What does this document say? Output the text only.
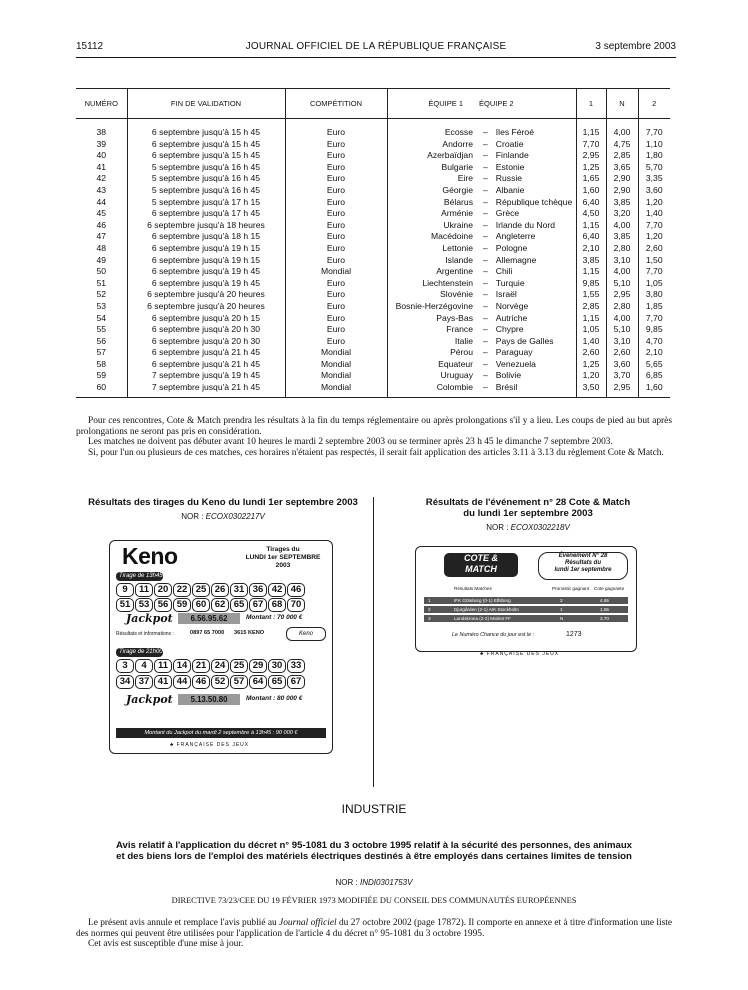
15112	JOURNAL OFFICIEL DE LA RÉPUBLIQUE FRANÇAISE	3 septembre 2003
NUMÉRO	FIN DE VALIDATION	COMPÉTITION	ÉQUIPE 1	ÉQUIPE 2	1	N	2

38	6 septembre jusqu'à 15 h 45	Euro	Ecosse	– Iles Féroé	1,15	4,00	7,70
39	6 septembre jusqu'à 15 h 45	Euro	Andorre	– Croatie	7,70	4,75	1,10
40	6 septembre jusqu'à 15 h 45	Euro	Azerbaïdjan	– Finlande	2,95	2,85	1,80
41	5 septembre jusqu'à 16 h 45	Euro	Bulgarie	– Estonie	1,25	3,65	5,70
42	5 septembre jusqu'à 16 h 45	Euro	Eire	– Russie	1,65	2,90	3,35
43	5 septembre jusqu'à 16 h 45	Euro	Géorgie	– Albanie	1,60	2,90	3,60
44	5 septembre jusqu'à 17 h 15	Euro	Bélarus	– République tchèque	6,40	3,85	1,20
45	6 septembre jusqu'à 17 h 45	Euro	Arménie	– Grèce	4,50	3,20	1,40
46	6 septembre jusqu'à 18 heures	Euro	Ukraine	– Irlande du Nord	1,15	4,00	7,70
47	6 septembre jusqu'à 18 h 15	Euro	Macédoine	– Angleterre	6,40	3,85	1,20
48	6 septembre jusqu'à 19 h 15	Euro	Lettonie	– Pologne	2,10	2,80	2,60
49	6 septembre jusqu'à 19 h 15	Euro	Islande	– Allemagne	3,85	3,10	1,50
50	6 septembre jusqu'à 19 h 45	Mondial	Argentine	– Chili	1,15	4,00	7,70
51	6 septembre jusqu'à 19 h 45	Euro	Liechtenstein	– Turquie	9,85	5,10	1,05
52	6 septembre jusqu'à 20 heures	Euro	Slovénie	– Israël	1,55	2,95	3,80
53	6 septembre jusqu'à 20 heures	Euro	Bosnie-Herzégovine	– Norvège	2,85	2,80	1,85
54	6 septembre jusqu'à 20 h 15	Euro	Pays-Bas	– Autriche	1,15	4,00	7,70
55	6 septembre jusqu'à 20 h 30	Euro	France	– Chypre	1,05	5,10	9,85
56	6 septembre jusqu'à 20 h 30	Euro	Italie	– Pays de Galles	1,40	3,10	4,70
57	6 septembre jusqu'à 21 h 45	Mondial	Pérou	– Paraguay	2,60	2,60	2,10
58	6 septembre jusqu'à 21 h 45	Mondial	Equateur	– Venezuela	1,25	3,60	5,65
59	7 septembre jusqu'à 19 h 45	Mondial	Uruguay	– Bolivie	1,20	3,70	6,85
60	7 septembre jusqu'à 21 h 45	Mondial	Colombie	– Brésil	3,50	2,95	1,60

Pour ces rencontres, Cote & Match prendra les résultats à la fin du temps réglementaire ou après prolongations s'il y a lieu. Les coups de pied au but après prolongations ne seront pas pris en considération.

Les matches ne doivent pas débuter avant 10 heures le mardi 2 septembre 2003 ou se terminer après 23 h 45 le dimanche 7 septembre 2003.

Si, pour l'un ou plusieurs de ces matches, ces horaires n'étaient pas respectés, il serait fait application des articles 3.11 à 3.13 du règlement Cote & Match.

Résultats des tirages du Keno du lundi 1er septembre 2003
NOR : ECOX0302217V
Keno	Tirages du
LUNDI 1er SEPTEMBRE 2003
Tirage de 13h45
9	11 20 22 25 26 31 36 42 46
51 53 56 59 60 62 65 67 68 70
Jackpot	6.56.95.62	Montant : 70 000 €
Résultats et informations :	0897 65 7000 3615 KENO	Keno
Tirage de 21h00
3	4	11 14 21 24 25 29 30 33
34 37 41 44 46 52 57 64 65 67
Jackpot	5.13.50.80	Montant : 80 000 €
Montant du Jackpot du mardi 2 septembre à 13h45 : 90 000 €
♣ FRANÇAISE DES JEUX
Résultats de l'événement n° 28 Cote & Match
du lundi 1er septembre 2003
NOR : ECOX0302218V
COTE &
MATCH
Événement N° 28
Résultats du
lundi 1er septembre
Résultats Matches	Pronostic gagnant Cote gagnante
1	IFK Göteborg (0-1) Elfsborg	2	4,65
2	Djurgården (2-1) AIK Stockholm	1	1,55
3	Landskrona (2-2) Malmö FF	N	3,70
Le Numéro Chance du jour est le :	1273
♣ FRANÇAISE DES JEUX
INDUSTRIE
Avis relatif à l'application du décret n° 95-1081 du 3 octobre 1995 relatif à la sécurité des personnes, des animaux
et des biens lors de l'emploi des matériels électriques destinés à être employés dans certaines limites de tension
NOR : INDI0301753V
DIRECTIVE 73/23/CEE DU 19 FÉVRIER 1973 MODIFIÉE DU CONSEIL DES COMMUNAUTÉS EUROPÉENNES

Le présent avis annule et remplace l'avis publié au Journal officiel du 27 octobre 2002 (page 17872). Il comporte en annexe et à titre d'information une liste des normes qui peuvent être utilisées pour l'application de l'article 4 du décret n° 95-1081 du 3 octobre 1995.

Cet avis est susceptible d'une mise à jour.
